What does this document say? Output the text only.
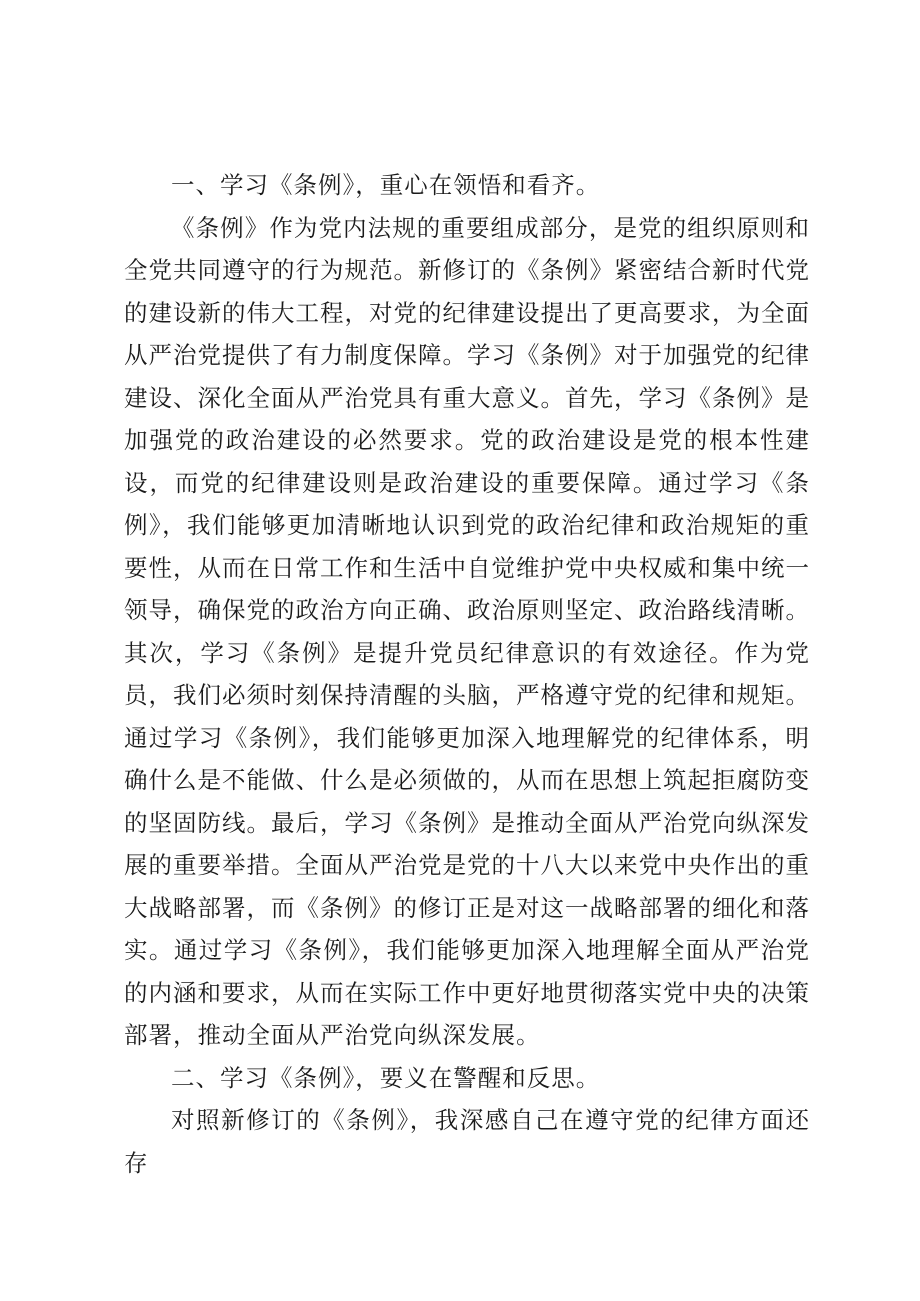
一、学习《条例》，重心在领悟和看齐。

《条例》作为党内法规的重要组成部分，是党的组织原则和全党共同遵守的行为规范。新修订的《条例》紧密结合新时代党的建设新的伟大工程，对党的纪律建设提出了更高要求，为全面从严治党提供了有力制度保障。学习《条例》对于加强党的纪律建设、深化全面从严治党具有重大意义。首先，学习《条例》是加强党的政治建设的必然要求。党的政治建设是党的根本性建设，而党的纪律建设则是政治建设的重要保障。通过学习《条例》，我们能够更加清晰地认识到党的政治纪律和政治规矩的重要性，从而在日常工作和生活中自觉维护党中央权威和集中统一领导，确保党的政治方向正确、政治原则坚定、政治路线清晰。其次，学习《条例》是提升党员纪律意识的有效途径。作为党员，我们必须时刻保持清醒的头脑，严格遵守党的纪律和规矩。通过学习《条例》，我们能够更加深入地理解党的纪律体系，明确什么是不能做、什么是必须做的，从而在思想上筑起拒腐防变的坚固防线。最后，学习《条例》是推动全面从严治党向纵深发展的重要举措。全面从严治党是党的十八大以来党中央作出的重大战略部署，而《条例》的修订正是对这一战略部署的细化和落实。通过学习《条例》，我们能够更加深入地理解全面从严治党的内涵和要求，从而在实际工作中更好地贯彻落实党中央的决策部署，推动全面从严治党向纵深发展。

二、学习《条例》，要义在警醒和反思。

对照新修订的《条例》，我深感自己在遵守党的纪律方面还存
